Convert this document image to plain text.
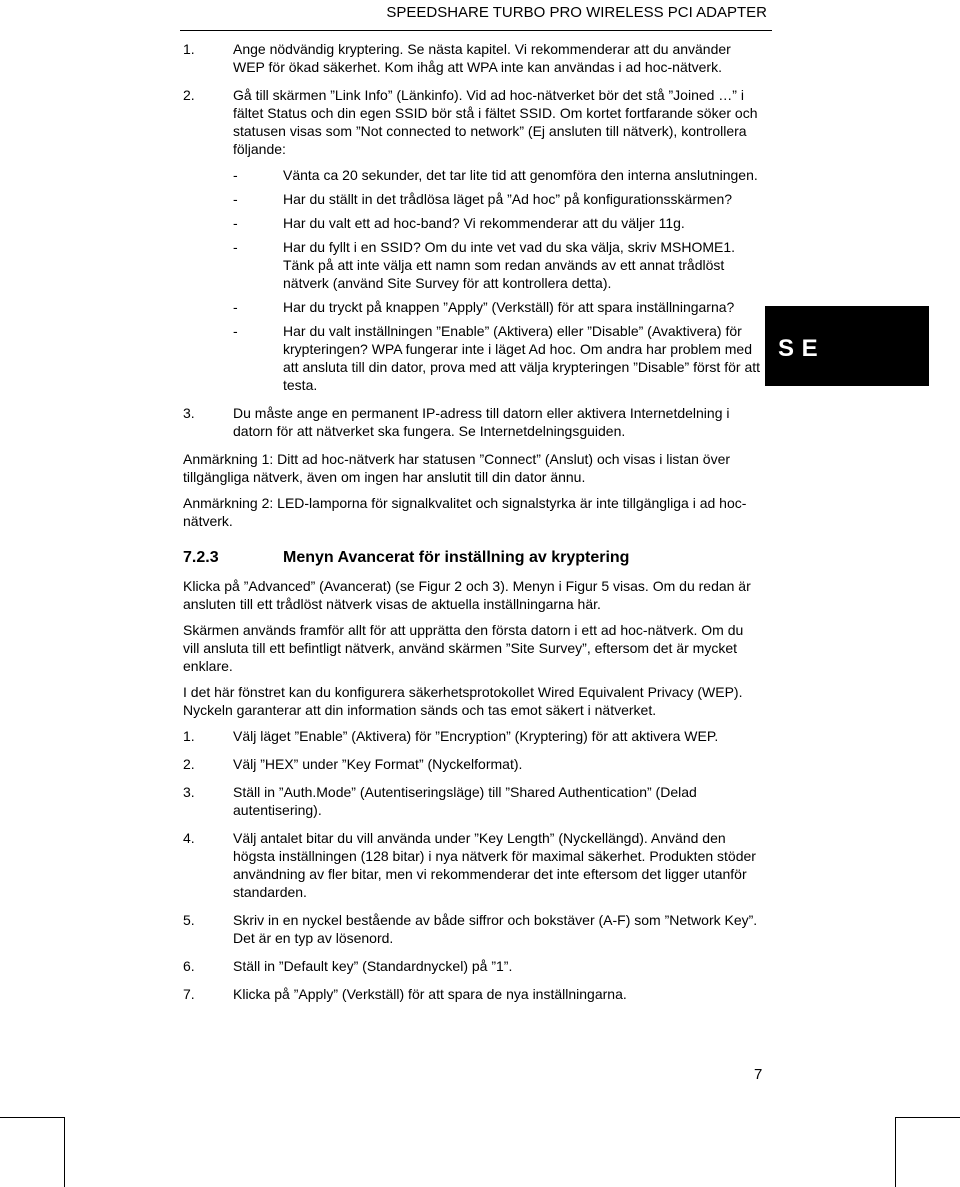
SPEEDSHARE TURBO PRO WIRELESS PCI ADAPTER
S E
1.	Ange nödvändig kryptering. Se nästa kapitel. Vi rekommenderar att du använder WEP för ökad säkerhet. Kom ihåg att WPA inte kan användas i ad hoc-nätverk.
2.	Gå till skärmen ”Link Info” (Länkinfo). Vid ad hoc-nätverket bör det stå ”Joined …” i fältet Status och din egen SSID bör stå i fältet SSID. Om kortet fortfarande söker och statusen visas som ”Not connected to network” (Ej ansluten till nätverk), kontrollera följande:
-	Vänta ca 20 sekunder, det tar lite tid att genomföra den interna anslutningen.
-	Har du ställt in det trådlösa läget på ”Ad hoc” på konfigurationsskärmen?
-	Har du valt ett ad hoc-band? Vi rekommenderar att du väljer 11g.
-	Har du fyllt i en SSID? Om du inte vet vad du ska välja, skriv MSHOME1. Tänk på att inte välja ett namn som redan används av ett annat trådlöst nätverk (använd Site Survey för att kontrollera detta).
-	Har du tryckt på knappen ”Apply” (Verkställ) för att spara inställningarna?
-	Har du valt inställningen ”Enable” (Aktivera) eller ”Disable” (Avaktivera) för krypteringen? WPA fungerar inte i läget Ad hoc. Om andra har problem med att ansluta till din dator, prova med att välja krypteringen ”Disable” först för att testa.
3.	Du måste ange en permanent IP-adress till datorn eller aktivera Internetdelning i datorn för att nätverket ska fungera. Se Internetdelningsguiden.

Anmärkning 1: Ditt ad hoc-nätverk har statusen ”Connect” (Anslut) och visas i listan över tillgängliga nätverk, även om ingen har anslutit till din dator ännu.

Anmärkning 2: LED-lamporna för signalkvalitet och signalstyrka är inte tillgängliga i ad hoc-nätverk.

7.2.3	Menyn Avancerat för inställning av kryptering

Klicka på ”Advanced” (Avancerat) (se Figur 2 och 3). Menyn i Figur 5 visas. Om du redan är ansluten till ett trådlöst nätverk visas de aktuella inställningarna här.

Skärmen används framför allt för att upprätta den första datorn i ett ad hoc-nätverk. Om du vill ansluta till ett befintligt nätverk, använd skärmen ”Site Survey”, eftersom det är mycket enklare.

I det här fönstret kan du konfigurera säkerhetsprotokollet Wired Equivalent Privacy (WEP). Nyckeln garanterar att din information sänds och tas emot säkert i nätverket.

1.	Välj läget ”Enable” (Aktivera) för ”Encryption” (Kryptering) för att aktivera WEP.
2.	Välj ”HEX” under ”Key Format” (Nyckelformat).
3.	Ställ in ”Auth.Mode” (Autentiseringsläge) till ”Shared Authentication” (Delad autentisering).
4.	Välj antalet bitar du vill använda under ”Key Length” (Nyckellängd). Använd den högsta inställningen (128 bitar) i nya nätverk för maximal säkerhet. Produkten stöder användning av fler bitar, men vi rekommenderar det inte eftersom det ligger utanför standarden.
5.	Skriv in en nyckel bestående av både siffror och bokstäver (A-F) som ”Network Key”. Det är en typ av lösenord.
6.	Ställ in ”Default key” (Standardnyckel) på ”1”.
7.	Klicka på ”Apply” (Verkställ) för att spara de nya inställningarna.
7
